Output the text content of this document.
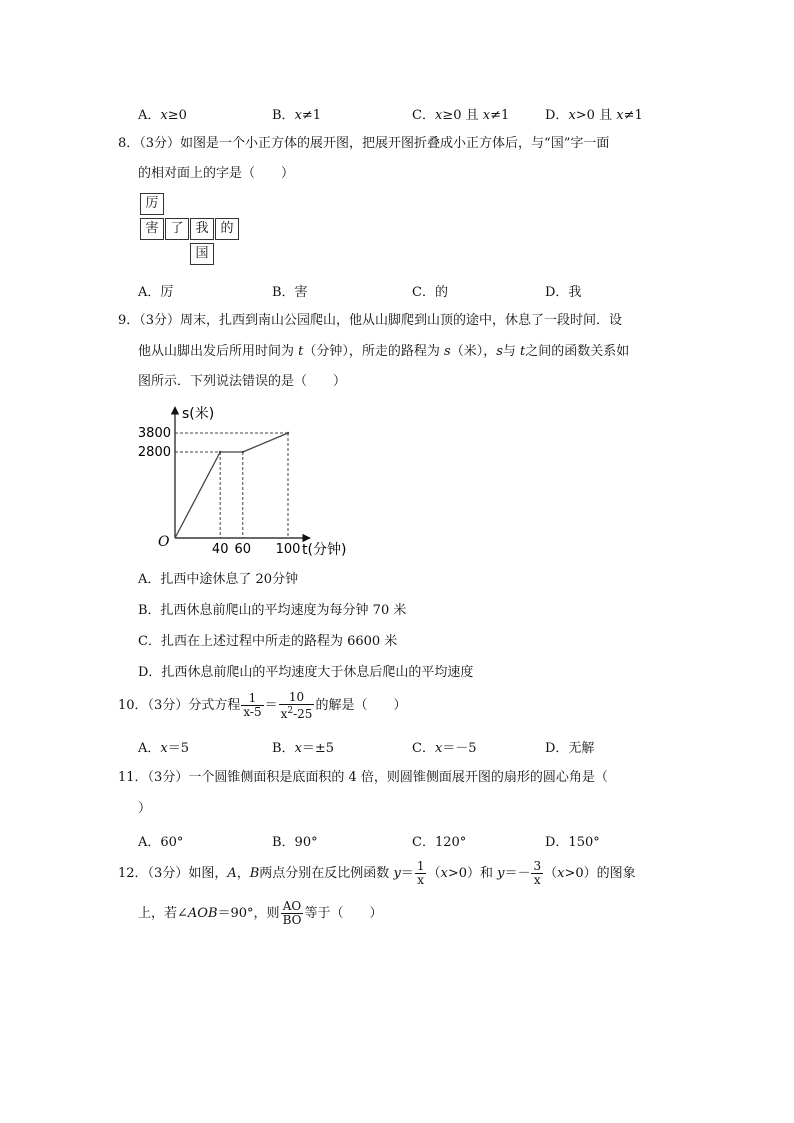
A．x≥0	B．x≠1	C．x≥0 且 x≠1	D．x>0 且 x≠1
8．（3分）如图是一个小正方体的展开图，把展开图折叠成小正方体后，与“国”字一面
的相对面上的字是（　　）
厉
害 了 我 的
国
A．厉	B．害	C．的	D．我
9．（3分）周末，扎西到南山公园爬山，他从山脚爬到山顶的途中，休息了一段时间．设
他从山脚出发后所用时间为 t（分钟），所走的路程为 s（米），s与 t之间的函数关系如
图所示．下列说法错误的是（　　）
s(米)
O	t(分钟)
40 60 100
3800
2800
A．扎西中途休息了 20分钟
B．扎西休息前爬山的平均速度为每分钟 70 米
C．扎西在上述过程中所走的路程为 6600 米
D．扎西休息前爬山的平均速度大于休息后爬山的平均速度
10．（3分）分式方程 $\frac{1}{x-5} = \frac{10}{x^2-25}$ 的解是（　　）
A．x＝5	B．x＝±5	C．x＝－5	D．无解
11．（3分）一个圆锥侧面积是底面积的 4 倍，则圆锥侧面展开图的扇形的圆心角是（
）
A．60°	B．90°	C．120°	D．150°
12．（3分）如图，A，B两点分别在反比例函数 $y= \frac{1}{x} (x>0)$和 $y=- \frac{3}{x} (x>0)$的图象
上，若∠AOB＝90°，则 $\frac{AO}{BO}$ 等于（　　）
